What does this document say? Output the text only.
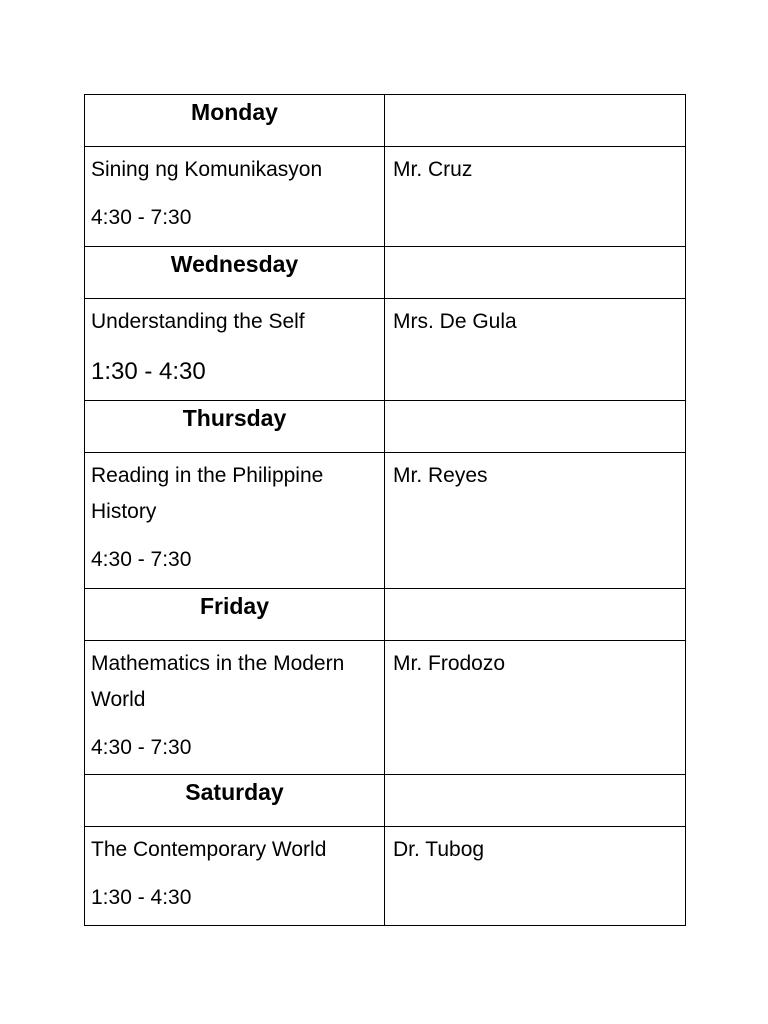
Monday	

Sining ng Komunikasyon
4:30 - 7:30	Mr. Cruz

Wednesday	

Understanding the Self
1:30 - 4:30	Mrs. De Gula

Thursday	

Reading in the Philippine History
4:30 - 7:30	Mr. Reyes

Friday	

Mathematics in the Modern World
4:30 - 7:30	Mr. Frodozo

Saturday	

The Contemporary World
1:30 - 4:30	Dr. Tubog
